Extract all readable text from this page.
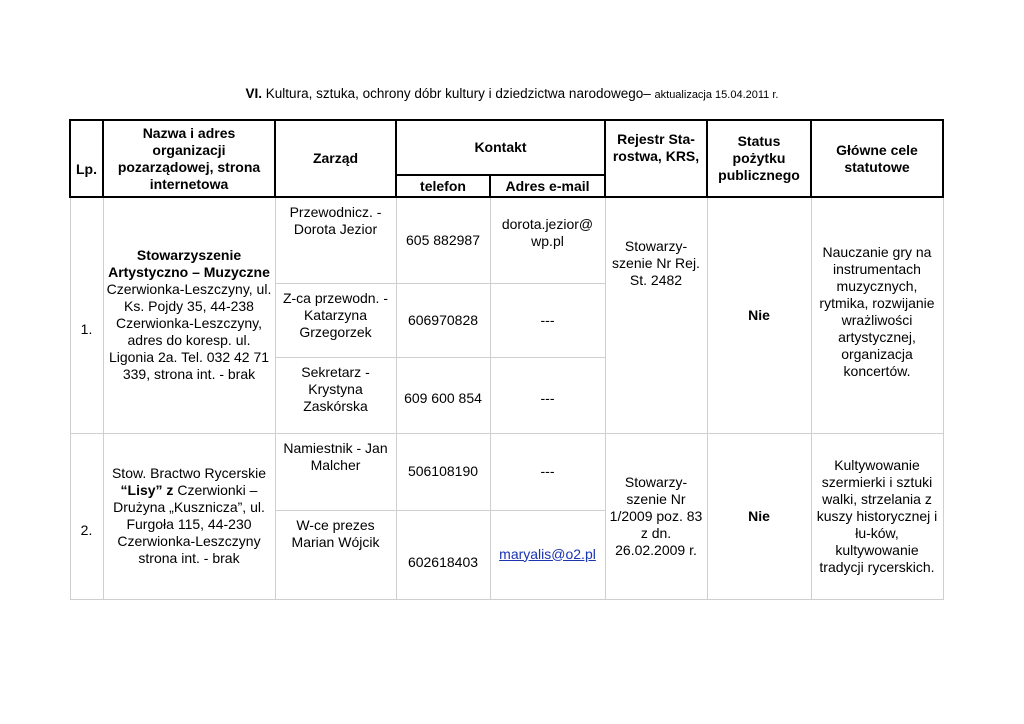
VI. Kultura, sztuka, ochrony dóbr kultury i dziedzictwa narodowego– aktualizacja 15.04.2011 r.
Lp.	Nazwa i adres organizacji pozarządowej, strona internetowa	Zarząd	Kontakt		Rejestr Sta-rostwa, KRS,	Status pożytku publicznego	Główne cele statutowe
			telefon	Adres e-mail			
1.	Stowarzyszenie Artystyczno – Muzyczne Czerwionka-Leszczyny, ul. Ks. Pojdy 35, 44-238 Czerwionka-Leszczyny, adres do koresp. ul. Ligonia 2a. Tel. 032 42 71 339, strona int. - brak	Przewodnicz. - Dorota Jezior	605 882987	dorota.jezior@ wp.pl	Stowarzy-szenie Nr Rej. St. 2482	Nie	Nauczanie gry na instrumentach muzycznych, rytmika, rozwijanie wrażliwości artystycznej, organizacja koncertów.
		Z-ca przewodn. - Katarzyna Grzegorzek	606970828	---			
		Sekretarz - Krystyna Zaskórska	609 600 854	---			
2.	Stow. Bractwo Rycerskie “Lisy” z Czerwionki – Drużyna „Kusznicza”, ul. Furgoła 115, 44-230 Czerwionka-Leszczyny strona int. - brak	Namiestnik - Jan Malcher	506108190	---	Stowarzy-szenie Nr 1/2009 poz. 83 z dn. 26.02.2009 r.	Nie	Kultywowanie szermierki i sztuki walki, strzelania z kuszy historycznej i łu-ków, kultywowanie tradycji rycerskich.
		W-ce prezes Marian Wójcik	602618403	maryalis@o2.pl			
